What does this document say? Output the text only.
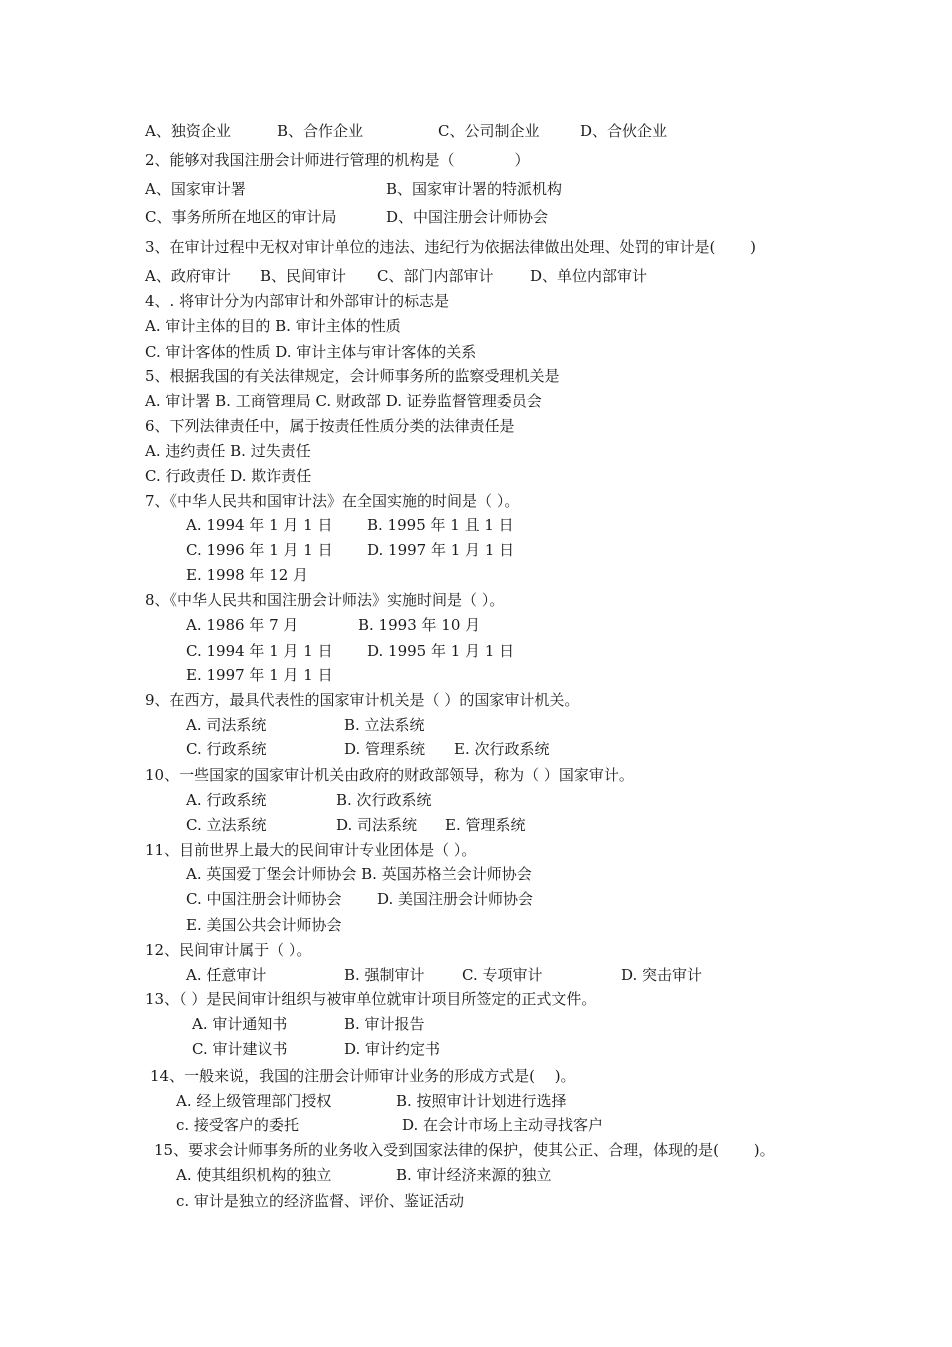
A、独资企业	B、合作企业	C、公司制企业	D、合伙企业
2、能够对我国注册会计师进行管理的机构是（　　　　）
A、国家审计署	B、国家审计署的特派机构
C、事务所所在地区的审计局	D、中国注册会计师协会
3、在审计过程中无权对审计单位的违法、违纪行为依据法律做出处理、处罚的审计是(　　 )
A、政府审计 B、民间审计 C、部门内部审计 D、单位内部审计
4、. 将审计分为内部审计和外部审计的标志是
A. 审计主体的目的 B. 审计主体的性质
C. 审计客体的性质 D. 审计主体与审计客体的关系
5、根据我国的有关法律规定，会计师事务所的监察受理机关是
A. 审计署 B. 工商管理局 C. 财政部 D. 证券监督管理委员会
6、下列法律责任中，属于按责任性质分类的法律责任是
A. 违约责任 B. 过失责任
C. 行政责任 D. 欺诈责任
7、《中华人民共和国审计法》在全国实施的时间是（ ）。
A. 1994 年 1 月 1 日 B. 1995 年 1 且 1 日
C. 1996 年 1 月 1 日 D. 1997 年 1 月 1 日
E. 1998 年 12 月
8、《中华人民共和国注册会计师法》实施时间是（ ）。
A. 1986 年 7 月	B. 1993 年 10 月
C. 1994 年 1 月 1 日 D. 1995 年 1 月 1 日
E. 1997 年 1 月 1 日
9、在西方，最具代表性的国家审计机关是（ ）的国家审计机关。
A. 司法系统	B. 立法系统
C. 行政系统	D. 管理系统 E. 次行政系统
10、一些国家的国家审计机关由政府的财政部领导，称为（ ）国家审计。
A. 行政系统	B. 次行政系统
C. 立法系统	D. 司法系统 E. 管理系统
11、目前世界上最大的民间审计专业团体是（ ）。
A. 英国爱丁堡会计师协会 B. 英国苏格兰会计师协会
C. 中国注册会计师协会 D. 美国注册会计师协会
E. 美国公共会计师协会
12、民间审计属于（ ）。
A. 任意审计	B. 强制审计 C. 专项审计	D. 突击审计
13、（ ）是民间审计组织与被审单位就审计项目所签定的正式文件。
A. 审计通知书	B. 审计报告
C. 审计建议书	D. 审计约定书
14、一般来说，我国的注册会计师审计业务的形成方式是(　 )。
A. 经上级管理部门授权	B. 按照审计计划进行选择
c. 接受客户的委托	D. 在会计市场上主动寻找客户
15、要求会计师事务所的业务收入受到国家法律的保护，使其公正、合理，体现的是(　　 )。
A. 使其组织机构的独立	B. 审计经济来源的独立
c. 审计是独立的经济监督、评价、鉴证活动
